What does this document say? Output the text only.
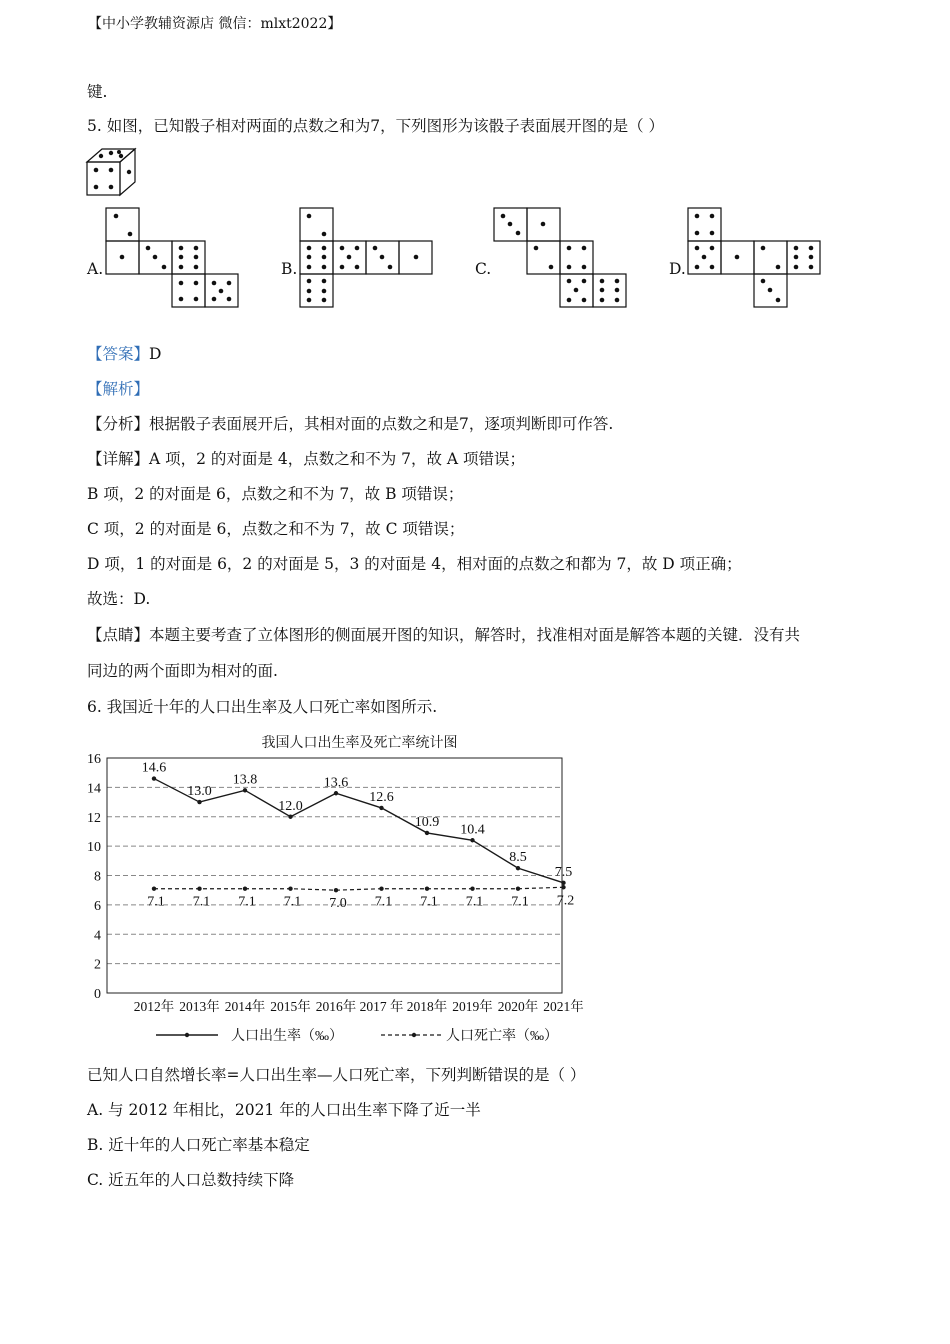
【中小学教辅资源店 微信：mlxt2022】
键.
5. 如图，已知骰子相对两面的点数之和为7，下列图形为该骰子表面展开图的是（ ）
A.	B.	C.	D.
【答案】D
【解析】
【分析】根据骰子表面展开后，其相对面的点数之和是7，逐项判断即可作答.
【详解】A 项，2 的对面是 4，点数之和不为 7，故 A 项错误；
B 项，2 的对面是 6，点数之和不为 7，故 B 项错误；
C 项，2 的对面是 6，点数之和不为 7，故 C 项错误；
D 项，1 的对面是 6，2 的对面是 5，3 的对面是 4，相对面的点数之和都为 7，故 D 项正确；
故选：D.
【点睛】本题主要考查了立体图形的侧面展开图的知识，解答时，找准相对面是解答本题的关键．没有共
同边的两个面即为相对的面.
6. 我国近十年的人口出生率及人口死亡率如图所示.
我国人口出生率及死亡率统计图
0
2
4
6
8
10
12
14
16
2012年 2013年 2014年 2015年 2016年 2017 年 2018年 2019年 2020年 2021年
14.6
13.0
13.8
12.0
13.6
12.6
10.9 10.4
8.5
7.5
7.1 7.1 7.1 7.1 7.0 7.1 7.1 7.1 7.1 7.2
人口出生率（‰）	人口死亡率（‰）
已知人口自然增长率=人口出生率—人口死亡率，下列判断错误的是（ ）
A. 与 2012 年相比，2021 年的人口出生率下降了近一半
B. 近十年的人口死亡率基本稳定
C. 近五年的人口总数持续下降
